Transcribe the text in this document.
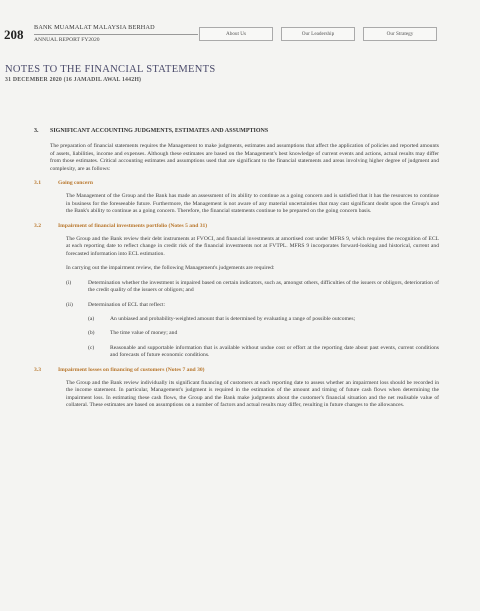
208 BANK MUAMALAT MALAYSIA BERHAD
ANNUAL REPORT FY2020
About Us	Our Leadership	Our Strategy
NOTES TO THE FINANCIAL STATEMENTS
31 DECEMBER 2020 (16 JAMADIL AWAL 1442H)
3.	SIGNIFICANT ACCOUNTING JUDGMENTS, ESTIMATES AND ASSUMPTIONS
The preparation of financial statements requires the Management to make judgments, estimates and assumptions that affect the application of policies and reported amounts of assets, liabilities, income and expenses. Although these estimates are based on the Management's best knowledge of current events and actions, actual results may differ from those estimates. Critical accounting estimates and assumptions used that are significant to the financial statements and areas involving higher degree of judgment and complexity, are as follows:
3.1	Going concern
The Management of the Group and the Bank has made an assessment of its ability to continue as a going concern and is satisfied that it has the resources to continue in business for the foreseeable future. Furthermore, the Management is not aware of any material uncertainties that may cast significant doubt upon the Group's and the Bank's ability to continue as a going concern. Therefore, the financial statements continue to be prepared on the going concern basis.
3.2	Impairment of financial investments portfolio (Notes 5 and 31)
The Group and the Bank review their debt instruments at FVOCI, and financial investments at amortised cost under MFRS 9, which requires the recognition of ECL at each reporting date to reflect change in credit risk of the financial investments not at FVTPL. MFRS 9 incorporates forward-looking and historical, current and forecasted information into ECL estimation.
In carrying out the impairment review, the following Management's judgements are required:
(i)	Determination whether the investment is impaired based on certain indicators, such as, amongst others, difficulties of the issuers or obligors, deterioration of the credit quality of the issuers or obligors; and
(ii)	Determination of ECL that reflect:
(a)	An unbiased and probability-weighted amount that is determined by evaluating a range of possible outcomes;
(b)	The time value of money; and
(c)	Reasonable and supportable information that is available without undue cost or effort at the reporting date about past events, current conditions and forecasts of future economic conditions.
3.3	Impairment losses on financing of customers (Notes 7 and 30)
The Group and the Bank review individually its significant financing of customers at each reporting date to assess whether an impairment loss should be recorded in the income statement. In particular, Management's judgment is required in the estimation of the amount and timing of future cash flows when determining the impairment loss. In estimating these cash flows, the Group and the Bank make judgments about the customer's financial situation and the net realisable value of collateral. These estimates are based on assumptions on a number of factors and actual results may differ, resulting in future changes to the allowances.
